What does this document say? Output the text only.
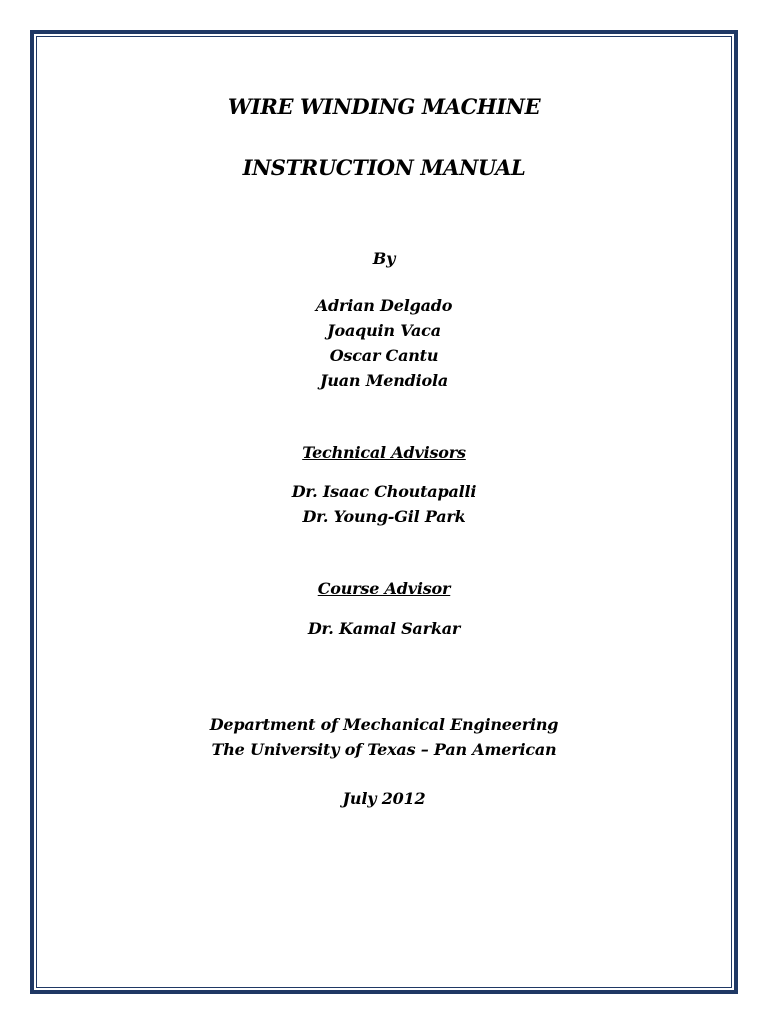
WIRE WINDING MACHINE
INSTRUCTION MANUAL
By
Adrian Delgado
Joaquin Vaca
Oscar Cantu
Juan Mendiola
Technical Advisors
Dr. Isaac Choutapalli
Dr. Young-Gil Park
Course Advisor
Dr. Kamal Sarkar
Department of Mechanical Engineering
The University of Texas – Pan American
July 2012
